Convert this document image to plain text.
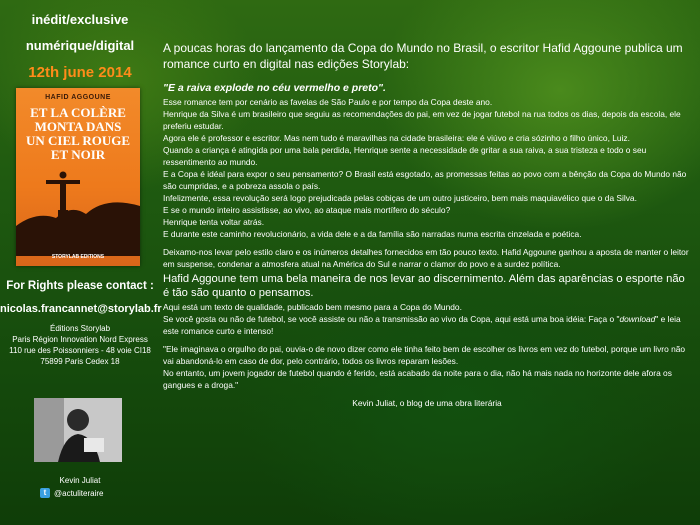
inédit/exclusive
numérique/digital
12th june 2014
HAFID AGGOUNE
ET LA COLÈRE
MONTA DANS
UN CIEL ROUGE
ET NOIR
STORYLAB EDITIONS
For Rights please contact :
nicolas.francannet@storylab.fr
Éditions Storylab
Paris Région Innovation Nord Express
110 rue des Poissonniers - 48 voie CI18
75899 Paris Cedex 18
Kevin Juliat
t @actuliteraire

A poucas horas do lançamento da Copa do Mundo no Brasil, o escritor Hafid Aggoune publica um romance curto en digital nas edições Storylab:

"E a raiva explode no céu vermelho e preto".

Esse romance tem por cenário as favelas de São Paulo e por tempo da Copa deste ano.

Henrique da Silva é um brasileiro que seguiu as recomendações do pai, em vez de jogar futebol na rua todos os dias, depois da escola, ele preferiu estudar.

Agora ele é professor e escritor. Mas nem tudo é maravilhas na cidade brasileira: ele é viúvo e cria sózinho o filho único, Luiz.

Quando a criança é atingida por uma bala perdida, Henrique sente a necessidade de gritar a sua raiva, a sua tristeza e todo o seu ressentimento ao mundo.

E a Copa é idéal para expor o seu pensamento? O Brasil está esgotado, as promessas feitas ao povo com a bênção da Copa do Mundo não são cumpridas, e a pobreza assola o país.

Infelizmente, essa revolução será logo prejudicada pelas cobiças de um outro justiceiro, bem mais maquiavélico que o da Silva.

E se o mundo inteiro assistisse, ao vivo, ao ataque mais mortífero do século?

Henrique tenta voltar atrás.

E durante este caminho revolucionário, a vida dele e a da família são narradas numa escrita cinzelada e poética.

Deixamo-nos levar pelo estilo claro e os inúmeros detalhes fornecidos em tão pouco texto. Hafid Aggoune ganhou a aposta de manter o leitor em suspense, condenar a atmosfera atual na América do Sul e narrar o clamor do povo e a surdez política.

Hafid Aggoune tem uma bela maneira de nos levar ao discernimento. Além das aparências o esporte não é tão são quanto o pensamos.

Aqui está um texto de qualidade, publicado bem mesmo para a Copa do Mundo.

Se você gosta ou não de futebol, se você assiste ou não a transmissão ao vivo da Copa, aqui está uma boa idéia: Faça o "download" e leia este romance curto e intenso!

"Ele imaginava o orgulho do pai, ouvia-o de novo dizer como ele tinha feito bem de escolher os livros em vez do futebol, porque um livro não vai abandoná-lo em caso de dor, pelo contrário, todos os livros reparam lesões.

No entanto, um jovem jogador de futebol quando é ferido, está acabado da noite para o dia, não há mais nada no horizonte dele afora os gangues e a droga."

Kevin Juliat, o blog de uma obra literária
